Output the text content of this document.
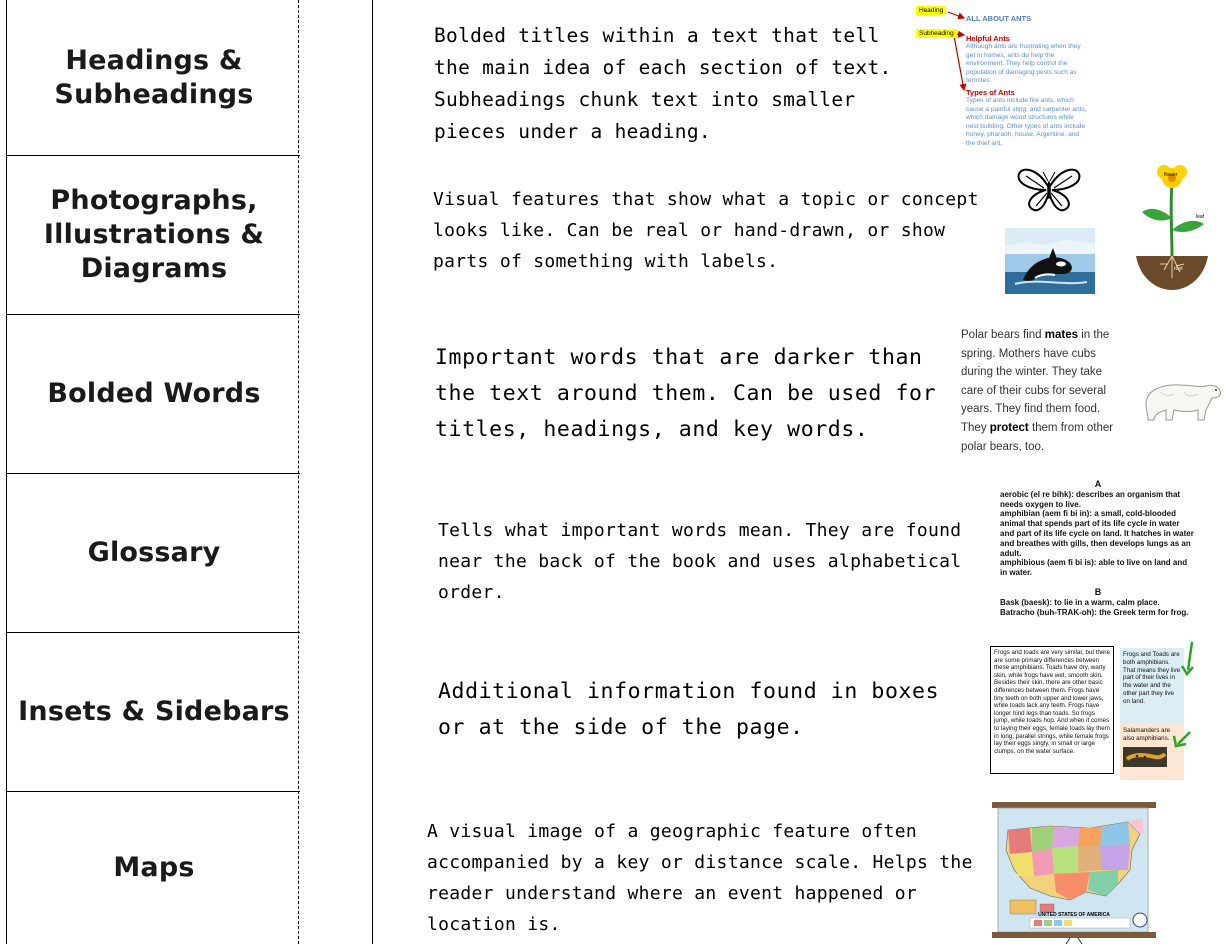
Headings &
Subheadings
Photographs,
Illustrations &
Diagrams
Bolded Words
Glossary
Insets & Sidebars
Maps

Bolded titles within a text that tell
the main idea of each section of text.
Subheadings chunk text into smaller
pieces under a heading.

Visual features that show what a topic or concept
looks like. Can be real or hand-drawn, or show
parts of something with labels.

Important words that are darker than
the text around them. Can be used for
titles, headings, and key words.

Tells what important words mean. They are found
near the back of the book and uses alphabetical
order.

Additional information found in boxes
or at the side of the page.

A visual image of a geographic feature often
accompanied by a key or distance scale. Helps the
reader understand where an event happened or
location is.

Heading
Subheading
ALL ABOUT ANTS
Helpful Ants
Although ants are frustrating when they get in homes, ants do help the environment. They help control the population of damaging pests such as termites.
Types of Ants
Types of ants include fire ants, which cause a painful sting, and carpenter ants, which damage wood structures while nest building. Other types of ants include honey, pharaoh, house, Argentine, and the thief ant.
flower
leaf
root
Polar bears find mates in the spring. Mothers have cubs during the winter. They take care of their cubs for several years. They find them food. They protect them from other polar bears, too.

A

aerobic (el re bihk): describes an organism that needs oxygen to live.

amphibian (aem fi bi in): a small, cold-blooded animal that spends part of its life cycle in water and part of its life cycle on land. It hatches in water and breathes with gills, then develops lungs as an adult.

amphibious (aem fi bi is): able to live on land and in water.

B

Bask (baesk): to lie in a warm, calm place.

Batracho (buh-TRAK-oh): the Greek term for frog.

Frogs and toads are very similar, but there are some primary differences between these amphibians. Toads have dry, warty skin, while frogs have wet, smooth skin. Besides their skin, there are other basic differences between them. Frogs have tiny teeth on both upper and lower jaws, while toads lack any teeth. Frogs have longer hind legs than toads. So frogs jump, while toads hop. And when it comes to laying their eggs, female toads lay them in long, parallel strings, while female frogs lay their eggs singly, in small or large clumps, on the water surface.
Frogs and Toads are both amphibians. That means they live part of their lives in the water and the other part they live on land.
Salamanders are also amphibians.
UNITED STATES OF AMERICA
